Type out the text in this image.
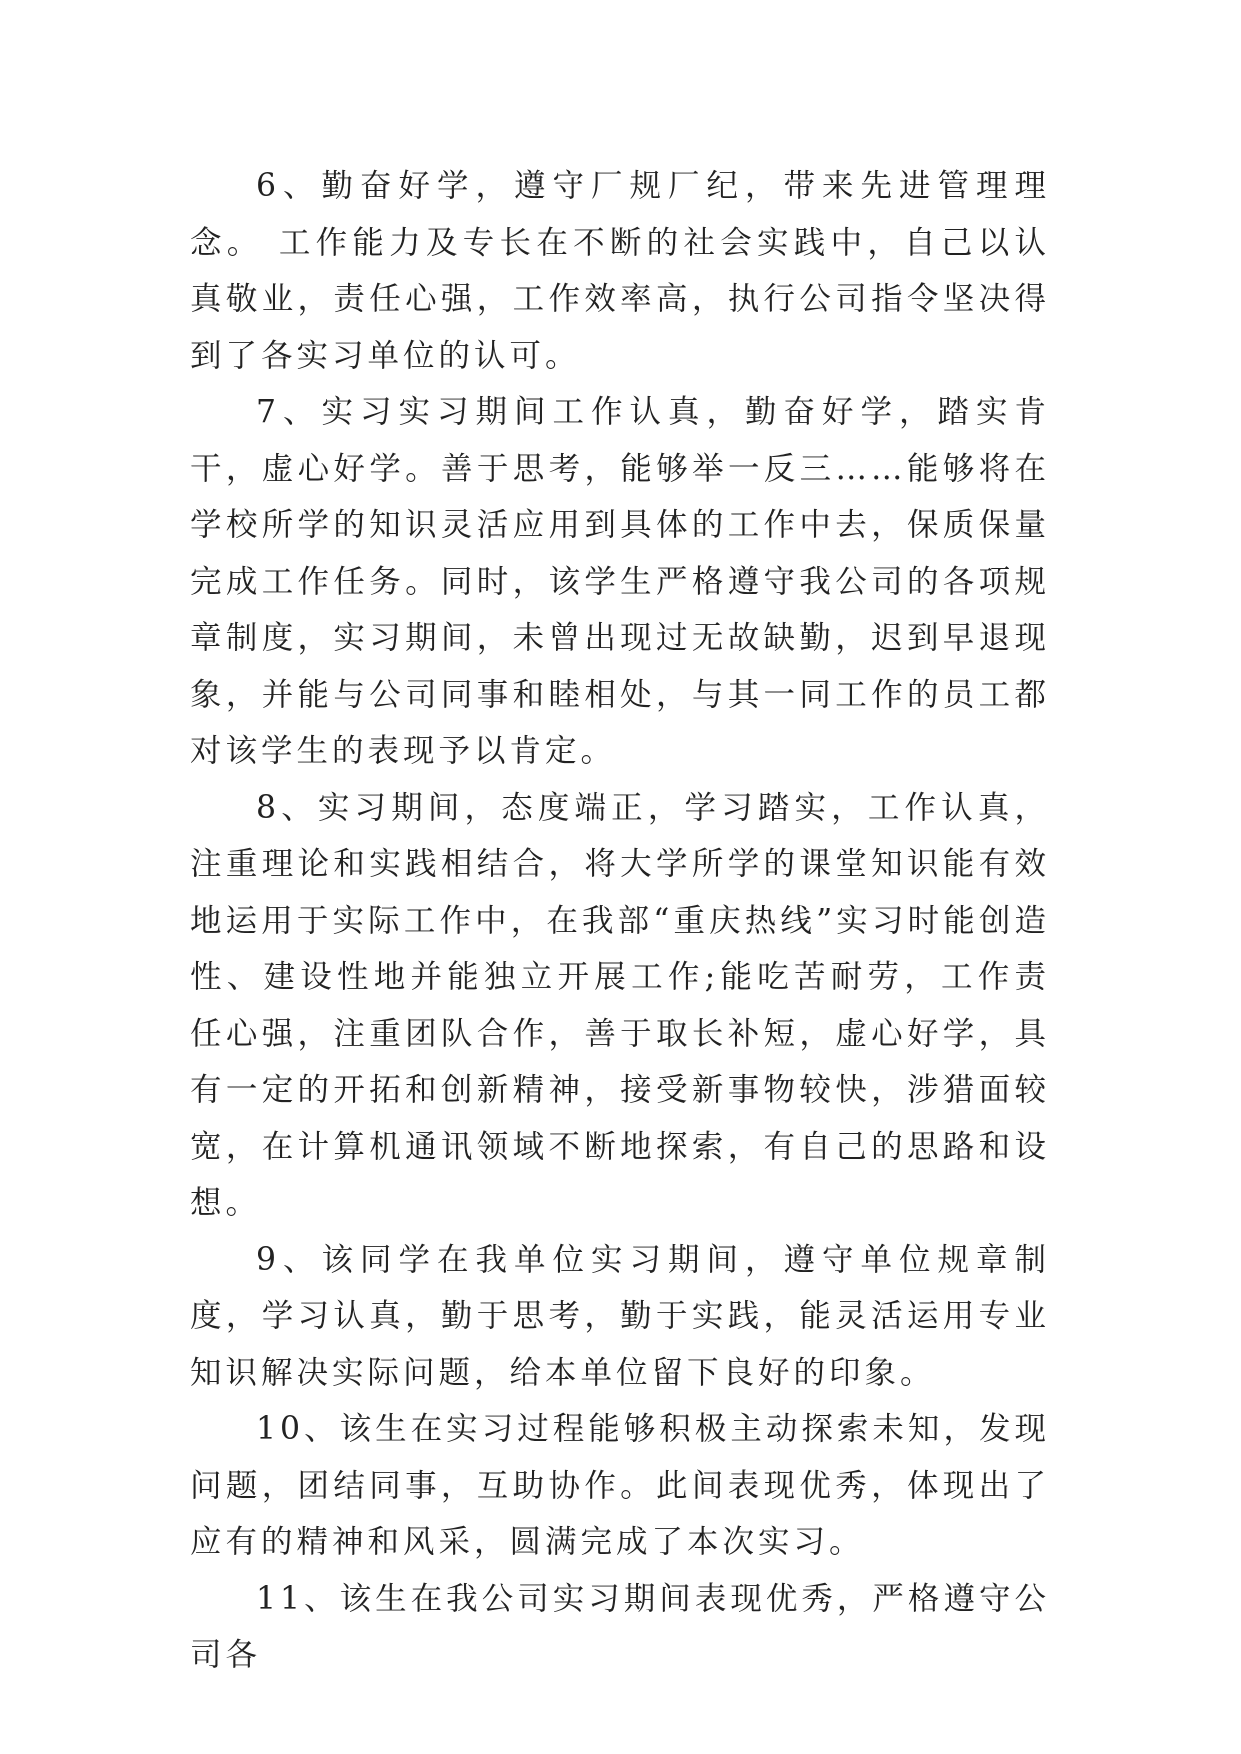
6、勤奋好学，遵守厂规厂纪，带来先进管理理念。 工作能力及专长在不断的社会实践中，自己以认真敬业，责任心强，工作效率高，执行公司指令坚决得到了各实习单位的认可。

7、实习实习期间工作认真，勤奋好学，踏实肯干，虚心好学。善于思考，能够举一反三……能够将在学校所学的知识灵活应用到具体的工作中去，保质保量完成工作任务。同时，该学生严格遵守我公司的各项规章制度，实习期间，未曾出现过无故缺勤，迟到早退现象，并能与公司同事和睦相处，与其一同工作的员工都对该学生的表现予以肯定。

8、实习期间，态度端正，学习踏实，工作认真，注重理论和实践相结合，将大学所学的课堂知识能有效地运用于实际工作中，在我部“重庆热线”实习时能创造性、建设性地并能独立开展工作;能吃苦耐劳，工作责任心强，注重团队合作，善于取长补短，虚心好学，具有一定的开拓和创新精神，接受新事物较快，涉猎面较宽，在计算机通讯领域不断地探索，有自己的思路和设想。

9、该同学在我单位实习期间，遵守单位规章制度，学习认真，勤于思考，勤于实践，能灵活运用专业知识解决实际问题，给本单位留下良好的印象。

10、该生在实习过程能够积极主动探索未知，发现问题，团结同事，互助协作。此间表现优秀，体现出了应有的精神和风采，圆满完成了本次实习。

11、该生在我公司实习期间表现优秀，严格遵守公司各
